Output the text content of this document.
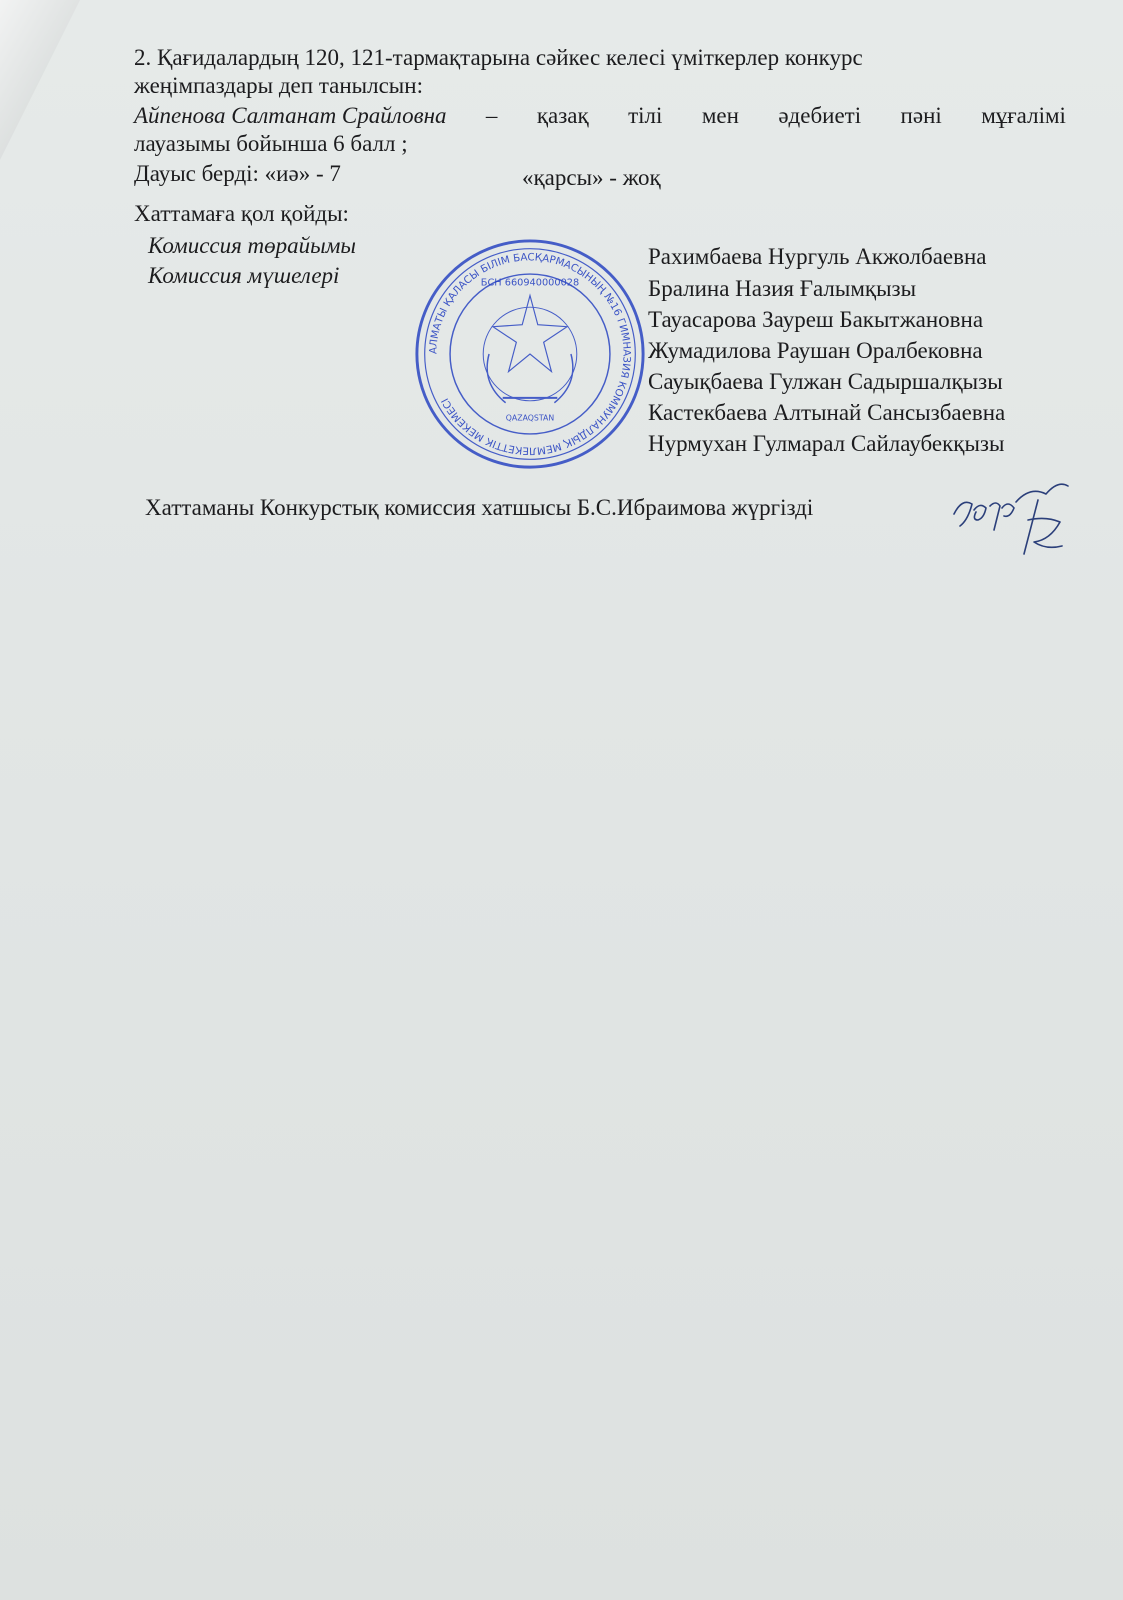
2. Қағидалардың 120, 121-тармақтарына сәйкес келесі үміткерлер конкурс
жеңімпаздары деп танылсын:
Айпенова Салтанат Срайловна – қазақ тілі мен әдебиеті пәні мұғалімі
лауазымы бойынша 6 балл ;
Дауыс берді: «иә» - 7	«қарсы» - жоқ
Хаттамаға қол қойды:
Комиссия төрайымы
Комиссия мүшелері
Рахимбаева Нургуль Акжолбаевна
Бралина Назия Ғалымқызы
Тауасарова Зауреш Бакытжановна
Жумадилова Раушан Оралбековна
Сауықбаева Гулжан Садыршалқызы
Кастекбаева Алтынай Сансызбаевна
Нурмухан Гулмарал Сайлаубекқызы
АЛМАТЫ ҚАЛАСЫ БІЛІМ БАСҚАРМАСЫНЫҢ №16 ГИМНАЗИЯ КОММУНАЛДЫҚ МЕМЛЕКЕТТІК МЕКЕМЕСІ
БСН 660940000028
QAZAQSTAN
Хаттаманы Конкурстық комиссия хатшысы Б.С.Ибраимова жүргізді
